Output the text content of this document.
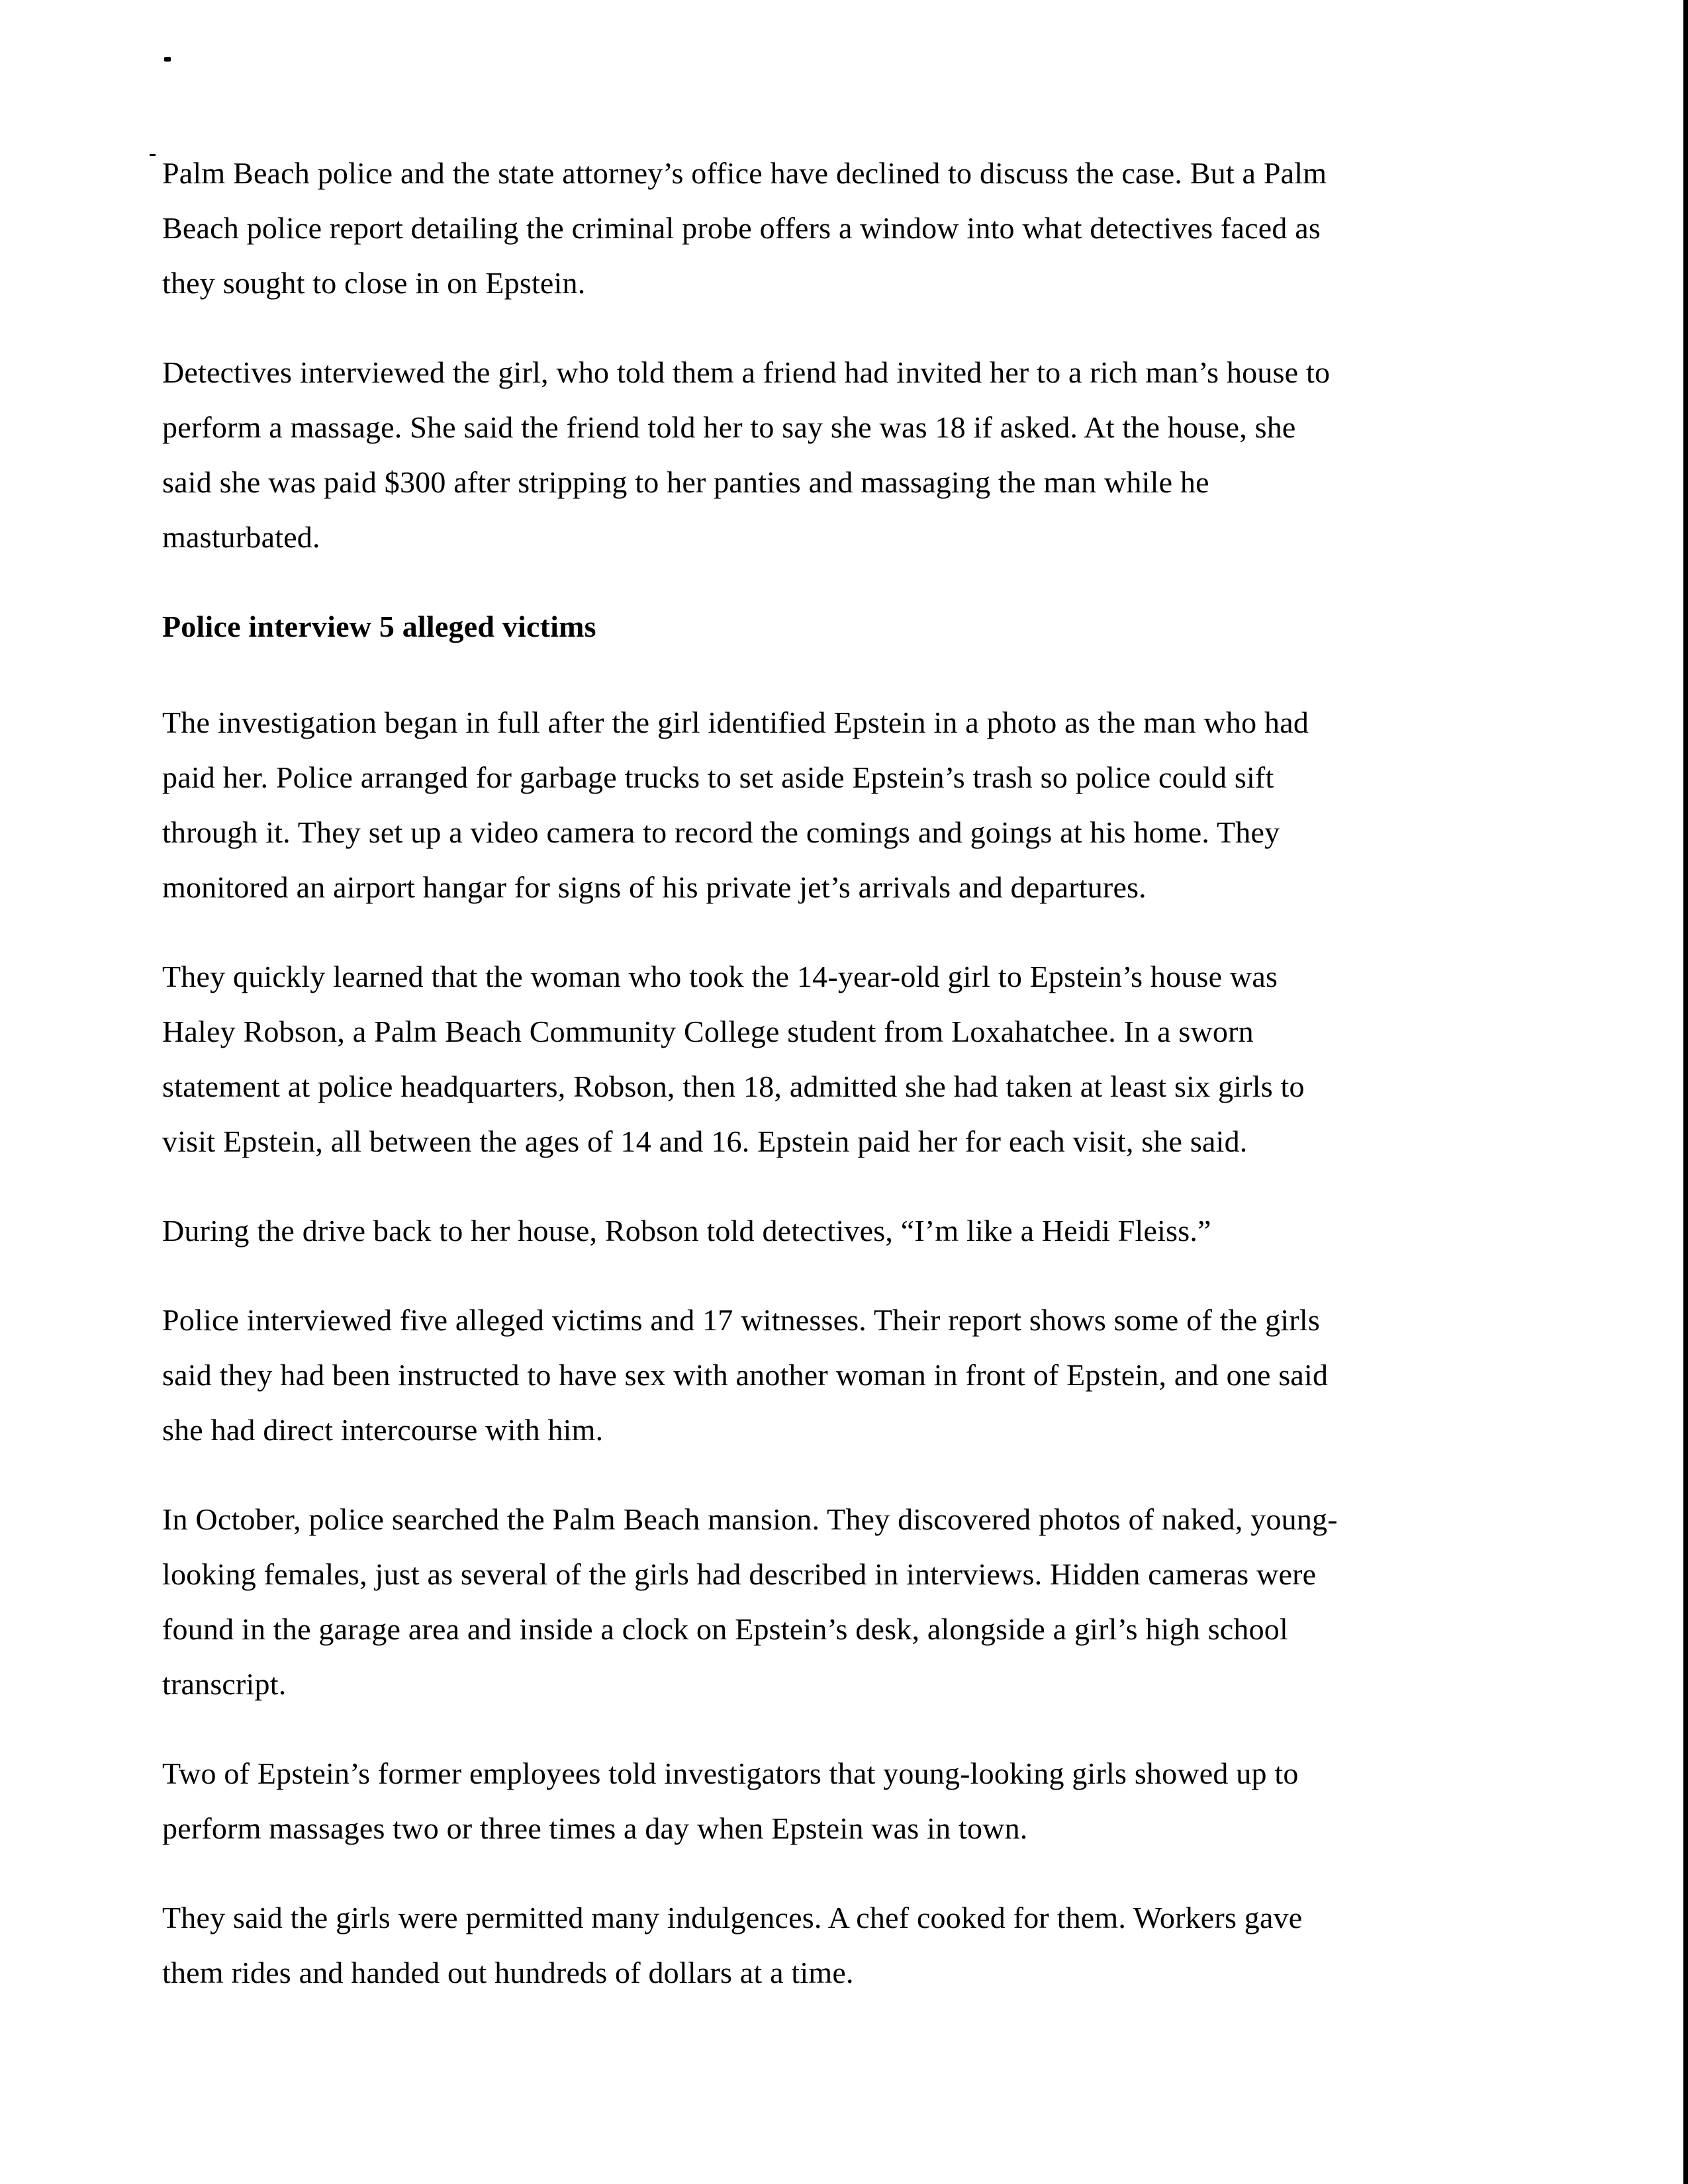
Palm Beach police and the state attorney’s office have declined to discuss the case. But a Palm
Beach police report detailing the criminal probe offers a window into what detectives faced as
they sought to close in on Epstein.
Detectives interviewed the girl, who told them a friend had invited her to a rich man’s house to
perform a massage. She said the friend told her to say she was 18 if asked. At the house, she
said she was paid $300 after stripping to her panties and massaging the man while he
masturbated.
Police interview 5 alleged victims
The investigation began in full after the girl identified Epstein in a photo as the man who had
paid her. Police arranged for garbage trucks to set aside Epstein’s trash so police could sift
through it. They set up a video camera to record the comings and goings at his home. They
monitored an airport hangar for signs of his private jet’s arrivals and departures.
They quickly learned that the woman who took the 14-year-old girl to Epstein’s house was
Haley Robson, a Palm Beach Community College student from Loxahatchee. In a sworn
statement at police headquarters, Robson, then 18, admitted she had taken at least six girls to
visit Epstein, all between the ages of 14 and 16. Epstein paid her for each visit, she said.
During the drive back to her house, Robson told detectives, “I’m like a Heidi Fleiss.”
Police interviewed five alleged victims and 17 witnesses. Their report shows some of the girls
said they had been instructed to have sex with another woman in front of Epstein, and one said
she had direct intercourse with him.
In October, police searched the Palm Beach mansion. They discovered photos of naked, young-
looking females, just as several of the girls had described in interviews. Hidden cameras were
found in the garage area and inside a clock on Epstein’s desk, alongside a girl’s high school
transcript.
Two of Epstein’s former employees told investigators that young-looking girls showed up to
perform massages two or three times a day when Epstein was in town.
They said the girls were permitted many indulgences. A chef cooked for them. Workers gave
them rides and handed out hundreds of dollars at a time.
